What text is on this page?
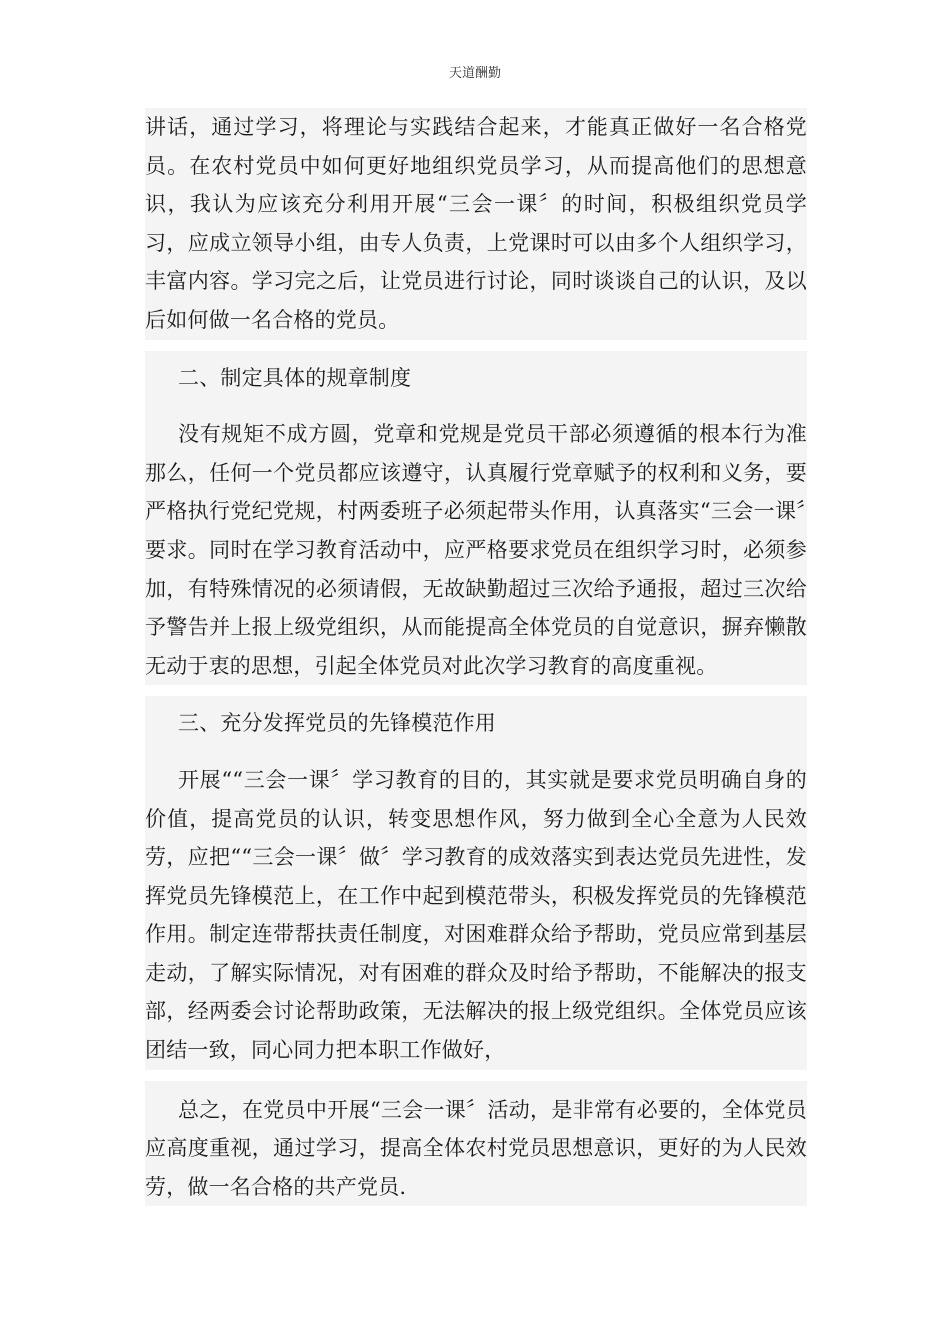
天道酬勤

讲话，通过学习，将理论与实践结合起来，才能真正做好一名合格党员。在农村党员中如何更好地组织党员学习，从而提高他们的思想意识，我认为应该充分利用开展“三会一课〞的时间，积极组织党员学习，应成立领导小组，由专人负责，上党课时可以由多个人组织学习，丰富内容。学习完之后，让党员进行讨论，同时谈谈自己的认识，及以后如何做一名合格的党员。

二、制定具体的规章制度

没有规矩不成方圆，党章和党规是党员干部必须遵循的根本行为准那么，任何一个党员都应该遵守，认真履行党章赋予的权利和义务，要严格执行党纪党规，村两委班子必须起带头作用，认真落实“三会一课〞要求。同时在学习教育活动中，应严格要求党员在组织学习时，必须参加，有特殊情况的必须请假，无故缺勤超过三次给予通报，超过三次给予警告并上报上级党组织，从而能提高全体党员的自觉意识，摒弃懒散无动于衷的思想，引起全体党员对此次学习教育的高度重视。

三、充分发挥党员的先锋模范作用

开展““三会一课〞学习教育的目的，其实就是要求党员明确自身的价值，提高党员的认识，转变思想作风，努力做到全心全意为人民效劳，应把““三会一课〞做〞学习教育的成效落实到表达党员先进性，发挥党员先锋模范上，在工作中起到模范带头，积极发挥党员的先锋模范作用。制定连带帮扶责任制度，对困难群众给予帮助，党员应常到基层走动，了解实际情况，对有困难的群众及时给予帮助，不能解决的报支部，经两委会讨论帮助政策，无法解决的报上级党组织。全体党员应该团结一致，同心同力把本职工作做好，

总之，在党员中开展“三会一课〞活动，是非常有必要的，全体党员应高度重视，通过学习，提高全体农村党员思想意识，更好的为人民效劳，做一名合格的共产党员.
